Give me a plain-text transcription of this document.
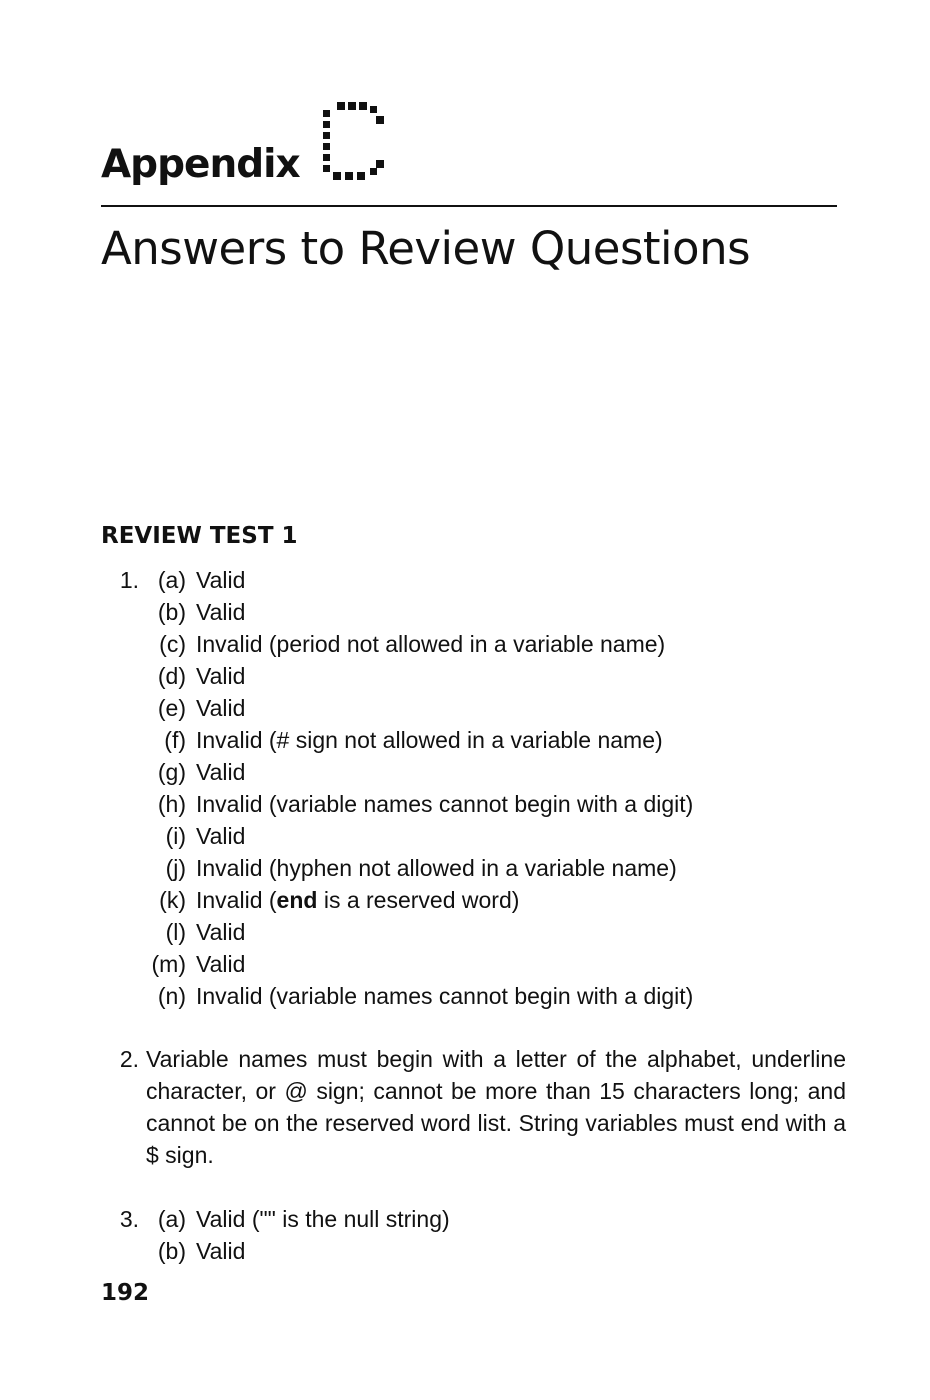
Appendix
Answers to Review Questions
REVIEW TEST 1
1. (a) Valid
(b) Valid
(c) Invalid (period not allowed in a variable name)
(d) Valid
(e) Valid
(f) Invalid (# sign not allowed in a variable name)
(g) Valid
(h) Invalid (variable names cannot begin with a digit)
(i) Valid
(j) Invalid (hyphen not allowed in a variable name)
(k) Invalid (end is a reserved word)
(l) Valid
(m) Valid
(n) Invalid (variable names cannot begin with a digit)
2. Variable names must begin with a letter of the alphabet, underline character, or @ sign; cannot be more than 15 characters long; and cannot be on the reserved word list. String variables must end with a $ sign.
3. (a) Valid ("" is the null string)
(b) Valid
192
